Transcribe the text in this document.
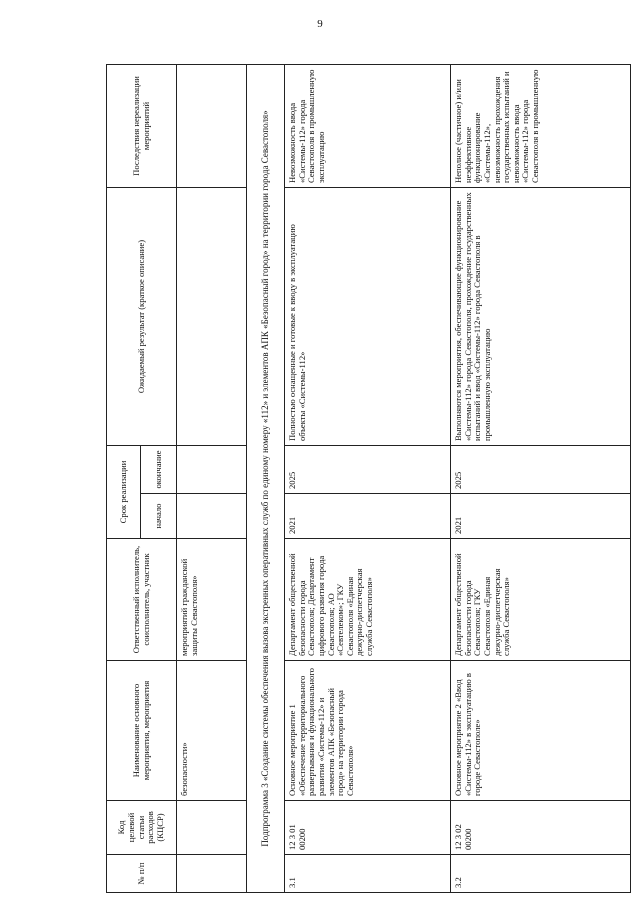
9
№ п/п	Код целевой статьи расходов (КЦСР)	Наименование основного мероприятия, мероприятия	Ответственный исполнитель, соисполнитель, участник	Срок реализации		Ожидаемый результат (краткое описание)	Последствия нереализации мероприятий
				начало	окончание		
		безопасности»	мероприятий гражданской защиты Севастополя»				
Подпрограмма 3 «Создание системы обеспечения вызова экстренных оперативных служб по единому номеру «112» и элементов АПК «Безопасный город» на территории города Севастополя»							
3.1	12 3 01 00200	Основное мероприятие 1 «Обеспечение территориального развертывания и функционального развития «Системы-112» и элементов АПК «Безопасный город» на территории города Севастополя»	Департамент общественной безопасности города Севастополя; Департамент цифрового развития города Севастополя; АО «Севтелеком»; ГКУ Севастополя «Единая дежурно-диспетчерская служба Севастополя»	2021	2025	Полностью оснащенные и готовые к вводу в эксплуатацию объекты «Системы-112»	Невозможность ввода «Системы-112» города Севастополя в промышленную эксплуатацию
3.2	12 3 02 00200	Основное мероприятие 2 «Ввод «Системы-112» в эксплуатацию в городе Севастополе»	Департамент общественной безопасности города Севастополя; ГКУ Севастополя «Единая дежурно-диспетчерская служба Севастополя»	2021	2025	Выполняются мероприятия, обеспечивающие функционирование «Системы-112» города Севастополя, прохождение государственных испытаний и ввод «Системы-112» города Севастополя в промышленную эксплуатацию	Неполное (частичное) и/или неэффективное функционирование «Системы-112», невозможность прохождения государственных испытаний и невозможность ввода «Системы-112» города Севастополя в промышленную
